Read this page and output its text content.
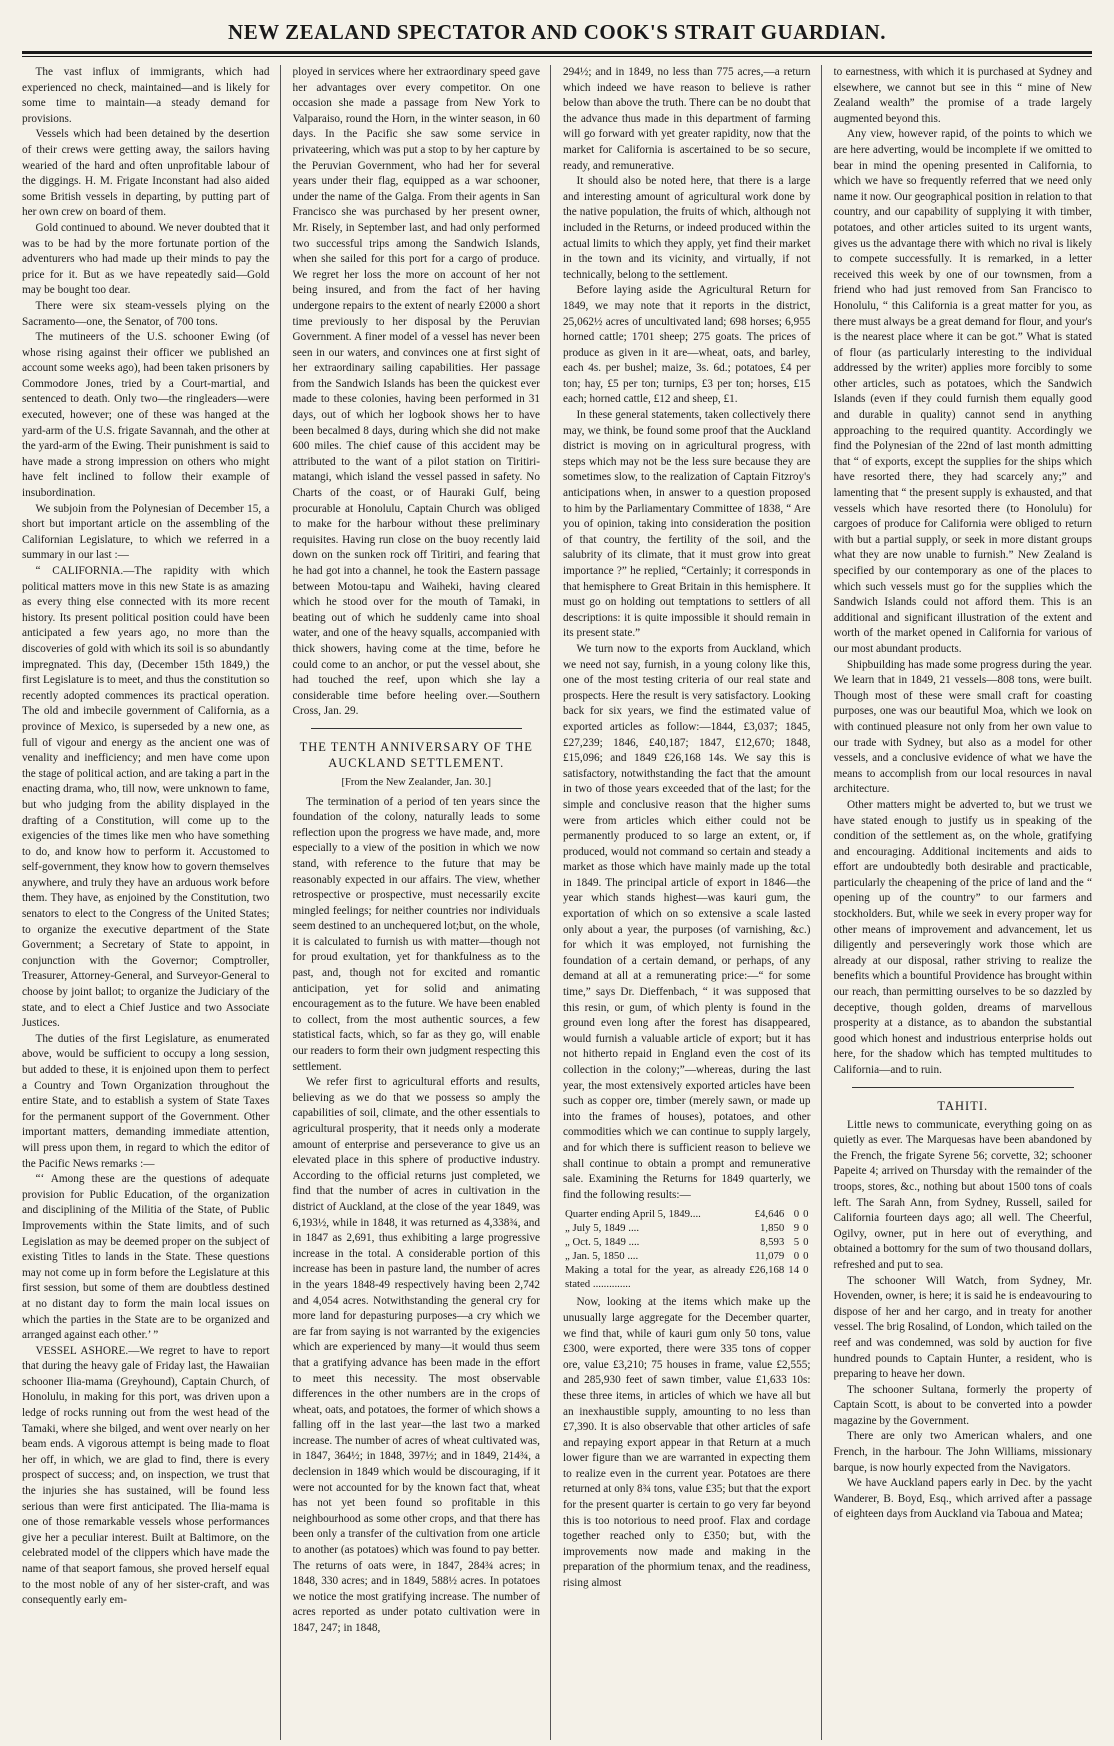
NEW ZEALAND SPECTATOR AND COOK'S STRAIT GUARDIAN.

The vast influx of immigrants, which had experienced no check, maintained—and is likely for some time to maintain—a steady demand for provisions.

Vessels which had been detained by the desertion of their crews were getting away, the sailors having wearied of the hard and often unprofitable labour of the diggings. H. M. Frigate Inconstant had also aided some British vessels in departing, by putting part of her own crew on board of them.

Gold continued to abound. We never doubted that it was to be had by the more fortunate portion of the adventurers who had made up their minds to pay the price for it. But as we have repeatedly said—Gold may be bought too dear.

There were six steam-vessels plying on the Sacramento—one, the Senator, of 700 tons.

The mutineers of the U.S. schooner Ewing (of whose rising against their officer we published an account some weeks ago), had been taken prisoners by Commodore Jones, tried by a Court-martial, and sentenced to death. Only two—the ringleaders—were executed, however; one of these was hanged at the yard-arm of the U.S. frigate Savannah, and the other at the yard-arm of the Ewing. Their punishment is said to have made a strong impression on others who might have felt inclined to follow their example of insubordination.

We subjoin from the Polynesian of December 15, a short but important article on the assembling of the Californian Legislature, to which we referred in a summary in our last :—

“ CALIFORNIA.—The rapidity with which political matters move in this new State is as amazing as every thing else connected with its more recent history. Its present political position could have been anticipated a few years ago, no more than the discoveries of gold with which its soil is so abundantly impregnated. This day, (December 15th 1849,) the first Legislature is to meet, and thus the constitution so recently adopted commences its practical operation. The old and imbecile government of California, as a province of Mexico, is superseded by a new one, as full of vigour and energy as the ancient one was of venality and inefficiency; and men have come upon the stage of political action, and are taking a part in the enacting drama, who, till now, were unknown to fame, but who judging from the ability displayed in the drafting of a Constitution, will come up to the exigencies of the times like men who have something to do, and know how to perform it. Accustomed to self-government, they know how to govern themselves anywhere, and truly they have an arduous work before them. They have, as enjoined by the Constitution, two senators to elect to the Congress of the United States; to organize the executive department of the State Government; a Secretary of State to appoint, in conjunction with the Governor; Comptroller, Treasurer, Attorney-General, and Surveyor-General to choose by joint ballot; to organize the Judiciary of the state, and to elect a Chief Justice and two Associate Justices.

The duties of the first Legislature, as enumerated above, would be sufficient to occupy a long session, but added to these, it is enjoined upon them to perfect a Country and Town Organization throughout the entire State, and to establish a system of State Taxes for the permanent support of the Government. Other important matters, demanding immediate attention, will press upon them, in regard to which the editor of the Pacific News remarks :—

“‘ Among these are the questions of adequate provision for Public Education, of the organization and disciplining of the Militia of the State, of Public Improvements within the State limits, and of such Legislation as may be deemed proper on the subject of existing Titles to lands in the State. These questions may not come up in form before the Legislature at this first session, but some of them are doubtless destined at no distant day to form the main local issues on which the parties in the State are to be organized and arranged against each other.’ ”

VESSEL ASHORE.—We regret to have to report that during the heavy gale of Friday last, the Hawaiian schooner Ilia-mama (Greyhound), Captain Church, of Honolulu, in making for this port, was driven upon a ledge of rocks running out from the west head of the Tamaki, where she bilged, and went over nearly on her beam ends. A vigorous attempt is being made to float her off, in which, we are glad to find, there is every prospect of success; and, on inspection, we trust that the injuries she has sustained, will be found less serious than were first anticipated. The Ilia-mama is one of those remarkable vessels whose performances give her a peculiar interest. Built at Baltimore, on the celebrated model of the clippers which have made the name of that seaport famous, she proved herself equal to the most noble of any of her sister-craft, and was consequently early em-

ployed in services where her extraordinary speed gave her advantages over every competitor. On one occasion she made a passage from New York to Valparaiso, round the Horn, in the winter season, in 60 days. In the Pacific she saw some service in privateering, which was put a stop to by her capture by the Peruvian Government, who had her for several years under their flag, equipped as a war schooner, under the name of the Galga. From their agents in San Francisco she was purchased by her present owner, Mr. Risely, in September last, and had only performed two successful trips among the Sandwich Islands, when she sailed for this port for a cargo of produce. We regret her loss the more on account of her not being insured, and from the fact of her having undergone repairs to the extent of nearly £2000 a short time previously to her disposal by the Peruvian Government. A finer model of a vessel has never been seen in our waters, and convinces one at first sight of her extraordinary sailing capabilities. Her passage from the Sandwich Islands has been the quickest ever made to these colonies, having been performed in 31 days, out of which her logbook shows her to have been becalmed 8 days, during which she did not make 600 miles. The chief cause of this accident may be attributed to the want of a pilot station on Tiritiri-matangi, which island the vessel passed in safety. No Charts of the coast, or of Hauraki Gulf, being procurable at Honolulu, Captain Church was obliged to make for the harbour without these preliminary requisites. Having run close on the buoy recently laid down on the sunken rock off Tiritiri, and fearing that he had got into a channel, he took the Eastern passage between Motou-tapu and Waiheki, having cleared which he stood over for the mouth of Tamaki, in beating out of which he suddenly came into shoal water, and one of the heavy squalls, accompanied with thick showers, having come at the time, before he could come to an anchor, or put the vessel about, she had touched the reef, upon which she lay a considerable time before heeling over.—Southern Cross, Jan. 29.

THE TENTH ANNIVERSARY OF THE AUCKLAND SETTLEMENT.
[From the New Zealander, Jan. 30.]

The termination of a period of ten years since the foundation of the colony, naturally leads to some reflection upon the progress we have made, and, more especially to a view of the position in which we now stand, with reference to the future that may be reasonably expected in our affairs. The view, whether retrospective or prospective, must necessarily excite mingled feelings; for neither countries nor individuals seem destined to an unchequered lot;but, on the whole, it is calculated to furnish us with matter—though not for proud exultation, yet for thankfulness as to the past, and, though not for excited and romantic anticipation, yet for solid and animating encouragement as to the future. We have been enabled to collect, from the most authentic sources, a few statistical facts, which, so far as they go, will enable our readers to form their own judgment respecting this settlement.

We refer first to agricultural efforts and results, believing as we do that we possess so amply the capabilities of soil, climate, and the other essentials to agricultural prosperity, that it needs only a moderate amount of enterprise and perseverance to give us an elevated place in this sphere of productive industry. According to the official returns just completed, we find that the number of acres in cultivation in the district of Auckland, at the close of the year 1849, was 6,193½, while in 1848, it was returned as 4,338¾, and in 1847 as 2,691, thus exhibiting a large progressive increase in the total. A considerable portion of this increase has been in pasture land, the number of acres in the years 1848-49 respectively having been 2,742 and 4,054 acres. Notwithstanding the general cry for more land for depasturing purposes—a cry which we are far from saying is not warranted by the exigencies which are experienced by many—it would thus seem that a gratifying advance has been made in the effort to meet this necessity. The most observable differences in the other numbers are in the crops of wheat, oats, and potatoes, the former of which shows a falling off in the last year—the last two a marked increase. The number of acres of wheat cultivated was, in 1847, 364½; in 1848, 397½; and in 1849, 214¾, a declension in 1849 which would be discouraging, if it were not accounted for by the known fact that, wheat has not yet been found so profitable in this neighbourhood as some other crops, and that there has been only a transfer of the cultivation from one article to another (as potatoes) which was found to pay better. The returns of oats were, in 1847, 284¾ acres; in 1848, 330 acres; and in 1849, 588½ acres. In potatoes we notice the most gratifying increase. The number of acres reported as under potato cultivation were in 1847, 247; in 1848,

294½; and in 1849, no less than 775 acres,—a return which indeed we have reason to believe is rather below than above the truth. There can be no doubt that the advance thus made in this department of farming will go forward with yet greater rapidity, now that the market for California is ascertained to be so secure, ready, and remunerative.

It should also be noted here, that there is a large and interesting amount of agricultural work done by the native population, the fruits of which, although not included in the Returns, or indeed produced within the actual limits to which they apply, yet find their market in the town and its vicinity, and virtually, if not technically, belong to the settlement.

Before laying aside the Agricultural Return for 1849, we may note that it reports in the district, 25,062½ acres of uncultivated land; 698 horses; 6,955 horned cattle; 1701 sheep; 275 goats. The prices of produce as given in it are—wheat, oats, and barley, each 4s. per bushel; maize, 3s. 6d.; potatoes, £4 per ton; hay, £5 per ton; turnips, £3 per ton; horses, £15 each; horned cattle, £12 and sheep, £1.

In these general statements, taken collectively there may, we think, be found some proof that the Auckland district is moving on in agricultural progress, with steps which may not be the less sure because they are sometimes slow, to the realization of Captain Fitzroy's anticipations when, in answer to a question proposed to him by the Parliamentary Committee of 1838, “ Are you of opinion, taking into consideration the position of that country, the fertility of the soil, and the salubrity of its climate, that it must grow into great importance ?” he replied, “Certainly; it corresponds in that hemisphere to Great Britain in this hemisphere. It must go on holding out temptations to settlers of all descriptions: it is quite impossible it should remain in its present state.”

We turn now to the exports from Auckland, which we need not say, furnish, in a young colony like this, one of the most testing criteria of our real state and prospects. Here the result is very satisfactory. Looking back for six years, we find the estimated value of exported articles as follow:—1844, £3,037; 1845, £27,239; 1846, £40,187; 1847, £12,670; 1848, £15,096; and 1849 £26,168 14s. We say this is satisfactory, notwithstanding the fact that the amount in two of those years exceeded that of the last; for the simple and conclusive reason that the higher sums were from articles which either could not be permanently produced to so large an extent, or, if produced, would not command so certain and steady a market as those which have mainly made up the total in 1849. The principal article of export in 1846—the year which stands highest—was kauri gum, the exportation of which on so extensive a scale lasted only about a year, the purposes (of varnishing, &c.) for which it was employed, not furnishing the foundation of a certain demand, or perhaps, of any demand at all at a remunerating price:—“ for some time,” says Dr. Dieffenbach, “ it was supposed that this resin, or gum, of which plenty is found in the ground even long after the forest has disappeared, would furnish a valuable article of export; but it has not hitherto repaid in England even the cost of its collection in the colony;”—whereas, during the last year, the most extensively exported articles have been such as copper ore, timber (merely sawn, or made up into the frames of houses), potatoes, and other commodities which we can continue to supply largely, and for which there is sufficient reason to believe we shall continue to obtain a prompt and remunerative sale. Examining the Returns for 1849 quarterly, we find the following results:—

Quarter ending April 5, 1849....	£4,646	0	0
„ July 5, 1849 ....	1,850	9	0
„ Oct. 5, 1849 ....	8,593	5	0
„ Jan. 5, 1850 ....	11,079	0	0
Making a total for the year, as already stated ..............	£26,168	14	0

Now, looking at the items which make up the unusually large aggregate for the December quarter, we find that, while of kauri gum only 50 tons, value £300, were exported, there were 335 tons of copper ore, value £3,210; 75 houses in frame, value £2,555; and 285,930 feet of sawn timber, value £1,633 10s: these three items, in articles of which we have all but an inexhaustible supply, amounting to no less than £7,390. It is also observable that other articles of safe and repaying export appear in that Return at a much lower figure than we are warranted in expecting them to realize even in the current year. Potatoes are there returned at only 8¾ tons, value £35; but that the export for the present quarter is certain to go very far beyond this is too notorious to need proof. Flax and cordage together reached only to £350; but, with the improvements now made and making in the preparation of the phormium tenax, and the readiness, rising almost

to earnestness, with which it is purchased at Sydney and elsewhere, we cannot but see in this “ mine of New Zealand wealth” the promise of a trade largely augmented beyond this.

Any view, however rapid, of the points to which we are here adverting, would be incomplete if we omitted to bear in mind the opening presented in California, to which we have so frequently referred that we need only name it now. Our geographical position in relation to that country, and our capability of supplying it with timber, potatoes, and other articles suited to its urgent wants, gives us the advantage there with which no rival is likely to compete successfully. It is remarked, in a letter received this week by one of our townsmen, from a friend who had just removed from San Francisco to Honolulu, “ this California is a great matter for you, as there must always be a great demand for flour, and your's is the nearest place where it can be got.” What is stated of flour (as particularly interesting to the individual addressed by the writer) applies more forcibly to some other articles, such as potatoes, which the Sandwich Islands (even if they could furnish them equally good and durable in quality) cannot send in anything approaching to the required quantity. Accordingly we find the Polynesian of the 22nd of last month admitting that “ of exports, except the supplies for the ships which have resorted there, they had scarcely any;” and lamenting that “ the present supply is exhausted, and that vessels which have resorted there (to Honolulu) for cargoes of produce for California were obliged to return with but a partial supply, or seek in more distant groups what they are now unable to furnish.” New Zealand is specified by our contemporary as one of the places to which such vessels must go for the supplies which the Sandwich Islands could not afford them. This is an additional and significant illustration of the extent and worth of the market opened in California for various of our most abundant products.

Shipbuilding has made some progress during the year. We learn that in 1849, 21 vessels—808 tons, were built. Though most of these were small craft for coasting purposes, one was our beautiful Moa, which we look on with continued pleasure not only from her own value to our trade with Sydney, but also as a model for other vessels, and a conclusive evidence of what we have the means to accomplish from our local resources in naval architecture.

Other matters might be adverted to, but we trust we have stated enough to justify us in speaking of the condition of the settlement as, on the whole, gratifying and encouraging. Additional incitements and aids to effort are undoubtedly both desirable and practicable, particularly the cheapening of the price of land and the “ opening up of the country” to our farmers and stockholders. But, while we seek in every proper way for other means of improvement and advancement, let us diligently and perseveringly work those which are already at our disposal, rather striving to realize the benefits which a bountiful Providence has brought within our reach, than permitting ourselves to be so dazzled by deceptive, though golden, dreams of marvellous prosperity at a distance, as to abandon the substantial good which honest and industrious enterprise holds out here, for the shadow which has tempted multitudes to California—and to ruin.

TAHITI.

Little news to communicate, everything going on as quietly as ever. The Marquesas have been abandoned by the French, the frigate Syrene 56; corvette, 32; schooner Papeite 4; arrived on Thursday with the remainder of the troops, stores, &c., nothing but about 1500 tons of coals left. The Sarah Ann, from Sydney, Russell, sailed for California fourteen days ago; all well. The Cheerful, Ogilvy, owner, put in here out of everything, and obtained a bottomry for the sum of two thousand dollars, refreshed and put to sea.

The schooner Will Watch, from Sydney, Mr. Hovenden, owner, is here; it is said he is endeavouring to dispose of her and her cargo, and in treaty for another vessel. The brig Rosalind, of London, which tailed on the reef and was condemned, was sold by auction for five hundred pounds to Captain Hunter, a resident, who is preparing to heave her down.

The schooner Sultana, formerly the property of Captain Scott, is about to be converted into a powder magazine by the Government.

There are only two American whalers, and one French, in the harbour. The John Williams, missionary barque, is now hourly expected from the Navigators.

We have Auckland papers early in Dec. by the yacht Wanderer, B. Boyd, Esq., which arrived after a passage of eighteen days from Auckland via Taboua and Matea;
